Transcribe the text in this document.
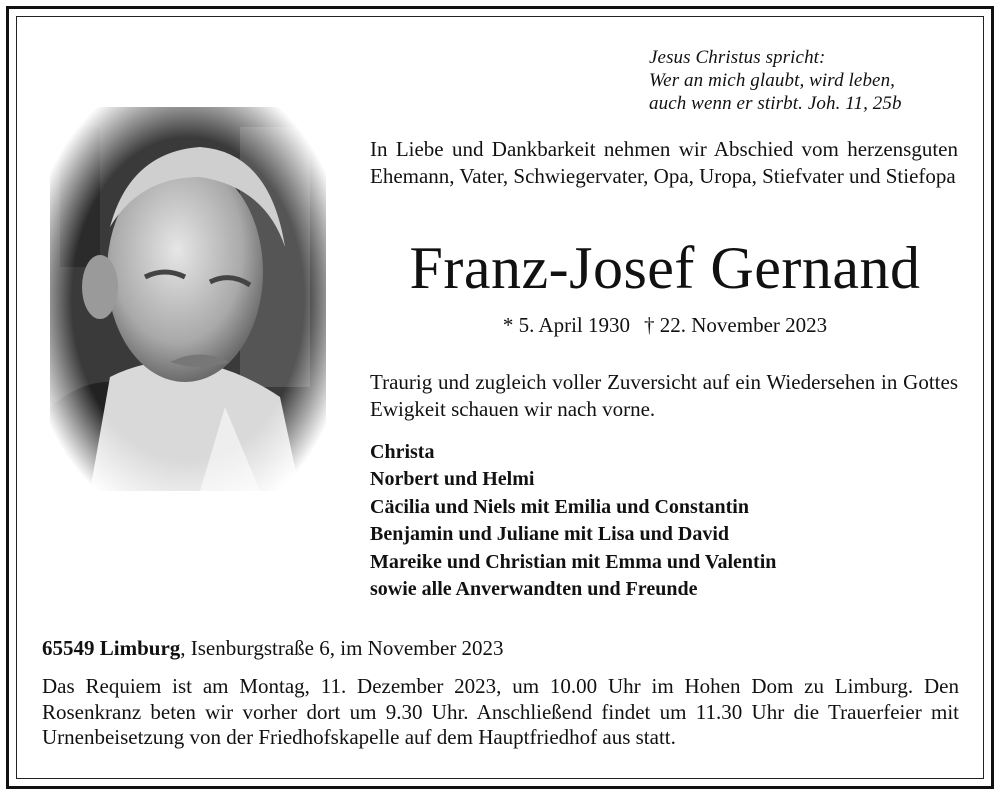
Jesus Christus spricht:
Wer an mich glaubt, wird leben,
auch wenn er stirbt. Joh. 11, 25b
In Liebe und Dankbarkeit nehmen wir Abschied vom herzensguten Ehemann, Vater, Schwiegervater, Opa, Uropa, Stiefvater und Stiefopa
Franz-Josef Gernand
* 5. April 1930 † 22. November 2023
Traurig und zugleich voller Zuversicht auf ein Wiedersehen in Gottes Ewigkeit schauen wir nach vorne.
Christa
Norbert und Helmi
Cäcilia und Niels mit Emilia und Constantin
Benjamin und Juliane mit Lisa und David
Mareike und Christian mit Emma und Valentin
sowie alle Anverwandten und Freunde
65549 Limburg, Isenburgstraße 6, im November 2023
Das Requiem ist am Montag, 11. Dezember 2023, um 10.00 Uhr im Hohen Dom zu Limburg. Den Rosenkranz beten wir vorher dort um 9.30 Uhr. Anschließend findet um 11.30 Uhr die Trauerfeier mit Urnenbeisetzung von der Friedhofskapelle auf dem Hauptfriedhof aus statt.
